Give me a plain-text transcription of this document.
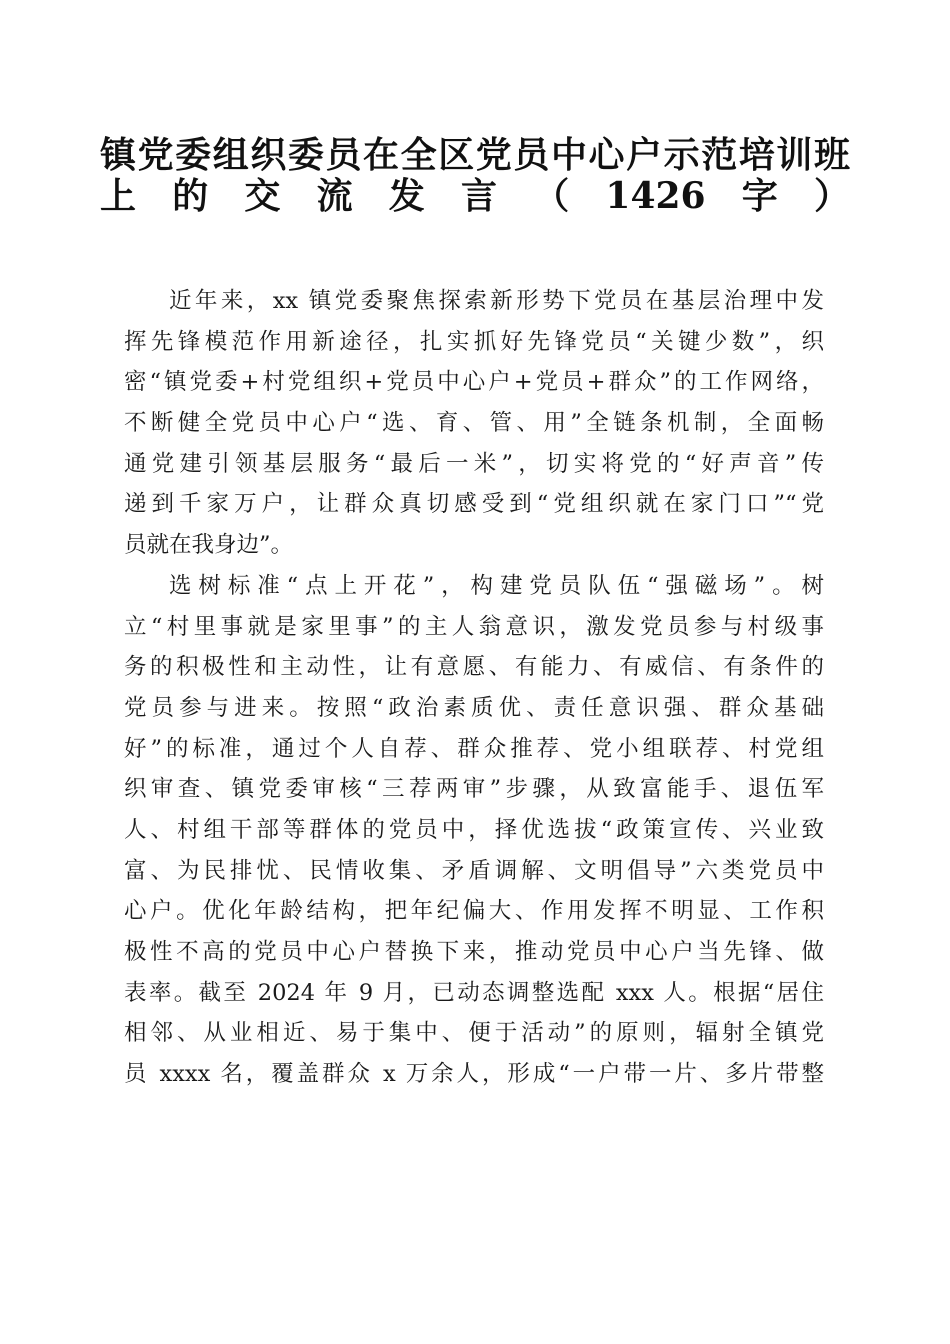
镇党委组织委员在全区党员中心户示范培训班
上的交流发言（1426字）
近年来，xx 镇党委聚焦探索新形势下党员在基层治理中发
挥先锋模范作用新途径，扎实抓好先锋党员“关键少数”，织
密“镇党委+村党组织+党员中心户+党员+群众”的工作网络，
不断健全党员中心户“选、育、管、用”全链条机制，全面畅
通党建引领基层服务“最后一米”，切实将党的“好声音”传
递到千家万户，让群众真切感受到“党组织就在家门口”“党
员就在我身边”。
选树标准“点上开花”，构建党员队伍“强磁场”。树
立“村里事就是家里事”的主人翁意识，激发党员参与村级事
务的积极性和主动性，让有意愿、有能力、有威信、有条件的
党员参与进来。按照“政治素质优、责任意识强、群众基础
好”的标准，通过个人自荐、群众推荐、党小组联荐、村党组
织审查、镇党委审核“三荐两审”步骤，从致富能手、退伍军
人、村组干部等群体的党员中，择优选拔“政策宣传、兴业致
富、为民排忧、民情收集、矛盾调解、文明倡导”六类党员中
心户。优化年龄结构，把年纪偏大、作用发挥不明显、工作积
极性不高的党员中心户替换下来，推动党员中心户当先锋、做
表率。截至 2024 年 9 月，已动态调整选配 xxx 人。根据“居住
相邻、从业相近、易于集中、便于活动”的原则，辐射全镇党
员 xxxx 名，覆盖群众 x 万余人，形成“一户带一片、多片带整
